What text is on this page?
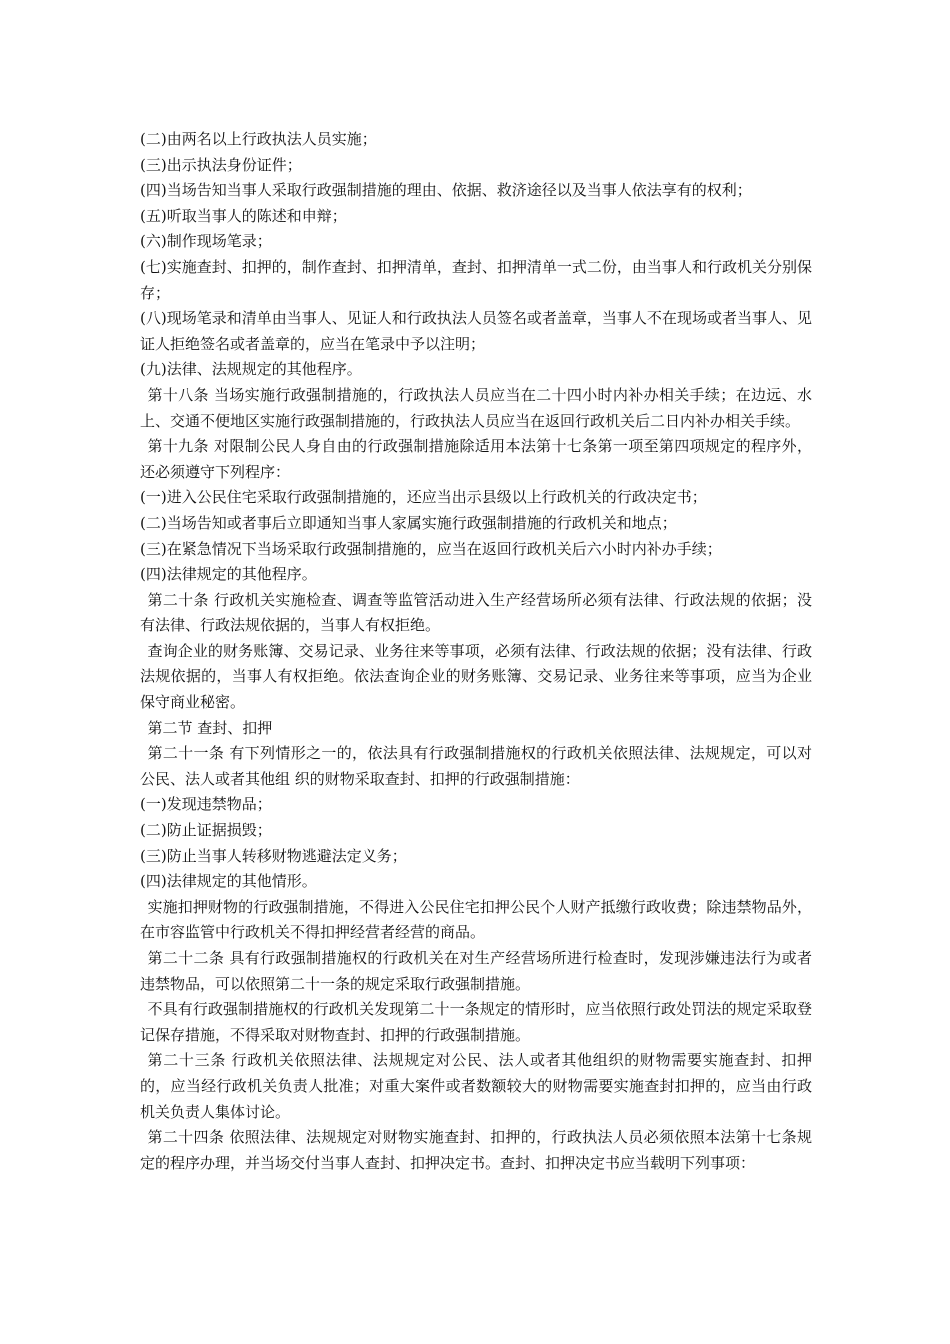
(二)由两名以上行政执法人员实施；

(三)出示执法身份证件；

(四)当场告知当事人采取行政强制措施的理由、依据、救济途径以及当事人依法享有的权利；

(五)听取当事人的陈述和申辩；

(六)制作现场笔录；

(七)实施查封、扣押的，制作查封、扣押清单，查封、扣押清单一式二份，由当事人和行政机关分别保存；

(八)现场笔录和清单由当事人、见证人和行政执法人员签名或者盖章，当事人不在现场或者当事人、见证人拒绝签名或者盖章的，应当在笔录中予以注明；

(九)法律、法规规定的其他程序。

第十八条 当场实施行政强制措施的，行政执法人员应当在二十四小时内补办相关手续；在边远、水上、交通不便地区实施行政强制措施的，行政执法人员应当在返回行政机关后二日内补办相关手续。

第十九条 对限制公民人身自由的行政强制措施除适用本法第十七条第一项至第四项规定的程序外，还必须遵守下列程序：

(一)进入公民住宅采取行政强制措施的，还应当出示县级以上行政机关的行政决定书；

(二)当场告知或者事后立即通知当事人家属实施行政强制措施的行政机关和地点；

(三)在紧急情况下当场采取行政强制措施的，应当在返回行政机关后六小时内补办手续；

(四)法律规定的其他程序。

第二十条 行政机关实施检查、调查等监管活动进入生产经营场所必须有法律、行政法规的依据；没有法律、行政法规依据的，当事人有权拒绝。

查询企业的财务账簿、交易记录、业务往来等事项，必须有法律、行政法规的依据；没有法律、行政法规依据的，当事人有权拒绝。依法查询企业的财务账簿、交易记录、业务往来等事项，应当为企业保守商业秘密。

第二节 查封、扣押

第二十一条 有下列情形之一的，依法具有行政强制措施权的行政机关依照法律、法规规定，可以对公民、法人或者其他组 织的财物采取查封、扣押的行政强制措施：

(一)发现违禁物品；

(二)防止证据损毁；

(三)防止当事人转移财物逃避法定义务；

(四)法律规定的其他情形。

实施扣押财物的行政强制措施，不得进入公民住宅扣押公民个人财产抵缴行政收费；除违禁物品外，在市容监管中行政机关不得扣押经营者经营的商品。

第二十二条 具有行政强制措施权的行政机关在对生产经营场所进行检查时，发现涉嫌违法行为或者违禁物品，可以依照第二十一条的规定采取行政强制措施。

不具有行政强制措施权的行政机关发现第二十一条规定的情形时，应当依照行政处罚法的规定采取登记保存措施，不得采取对财物查封、扣押的行政强制措施。

第二十三条 行政机关依照法律、法规规定对公民、法人或者其他组织的财物需要实施查封、扣押的，应当经行政机关负责人批准；对重大案件或者数额较大的财物需要实施查封扣押的，应当由行政机关负责人集体讨论。

第二十四条 依照法律、法规规定对财物实施查封、扣押的，行政执法人员必须依照本法第十七条规定的程序办理，并当场交付当事人查封、扣押决定书。查封、扣押决定书应当载明下列事项：
